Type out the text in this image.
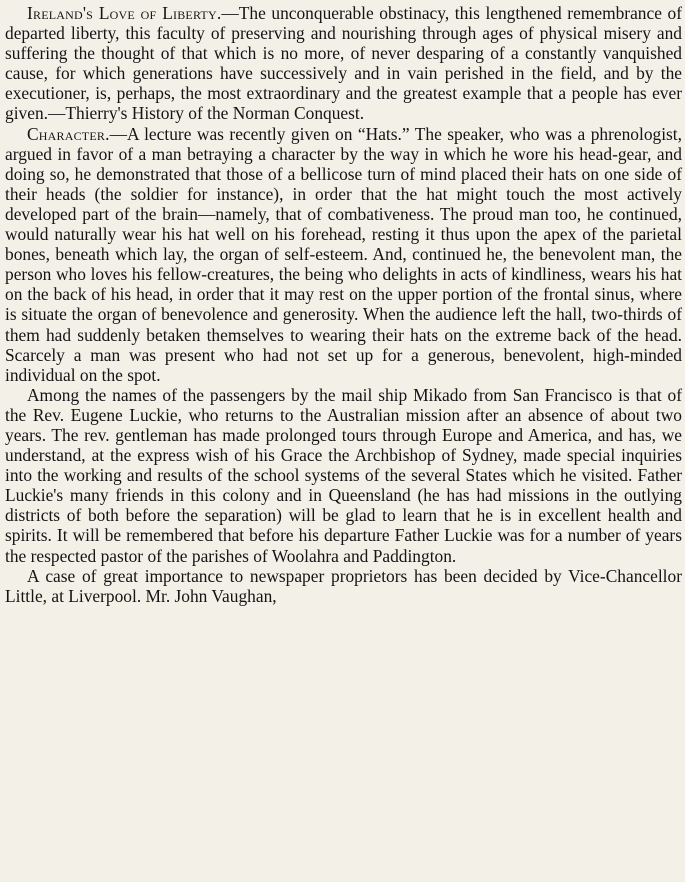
Ireland's Love of Liberty.—The unconquerable obstinacy, this lengthened remembrance of departed liberty, this faculty of preserving and nourishing through ages of physical misery and suffering the thought of that which is no more, of never desparing of a constantly vanquished cause, for which generations have successively and in vain perished in the field, and by the executioner, is, perhaps, the most extraordinary and the greatest example that a people has ever given.—Thierry's History of the Norman Conquest.

Character.—A lecture was recently given on “Hats.” The speaker, who was a phrenologist, argued in favor of a man betraying a character by the way in which he wore his head-gear, and doing so, he demonstrated that those of a bellicose turn of mind placed their hats on one side of their heads (the soldier for instance), in order that the hat might touch the most actively developed part of the brain—namely, that of combativeness. The proud man too, he continued, would naturally wear his hat well on his forehead, resting it thus upon the apex of the parietal bones, beneath which lay, the organ of self-esteem. And, continued he, the benevolent man, the person who loves his fellow-creatures, the being who delights in acts of kindliness, wears his hat on the back of his head, in order that it may rest on the upper portion of the frontal sinus, where is situate the organ of benevolence and generosity. When the audience left the hall, two-thirds of them had suddenly betaken themselves to wearing their hats on the extreme back of the head. Scarcely a man was present who had not set up for a generous, benevolent, high-minded individual on the spot.

Among the names of the passengers by the mail ship Mikado from San Francisco is that of the Rev. Eugene Luckie, who returns to the Australian mission after an absence of about two years. The rev. gentleman has made prolonged tours through Europe and America, and has, we understand, at the express wish of his Grace the Archbishop of Sydney, made special inquiries into the working and results of the school systems of the several States which he visited. Father Luckie's many friends in this colony and in Queensland (he has had missions in the outlying districts of both before the separation) will be glad to learn that he is in excellent health and spirits. It will be remembered that before his departure Father Luckie was for a number of years the respected pastor of the parishes of Woolahra and Paddington.

A case of great importance to newspaper proprietors has been decided by Vice-Chancellor Little, at Liverpool. Mr. John Vaughan,
